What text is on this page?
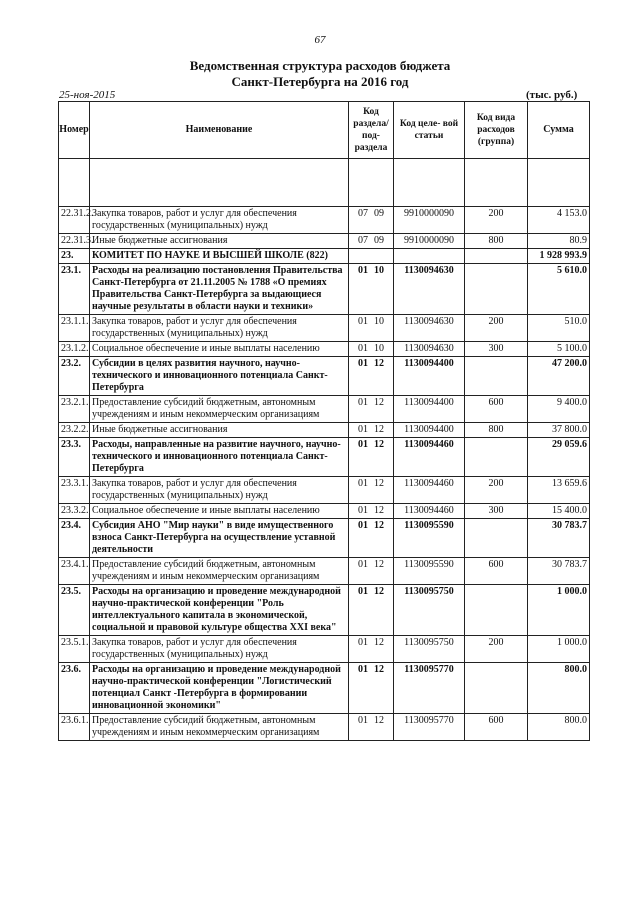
67
Ведомственная структура расходов бюджета
Санкт-Петербурга на 2016 год
25-ноя-2015	(тыс. руб.)
Номер	Наименование	Код раздела/ под- раздела	Код целе- вой статьи	Код вида расходов (группа)	Сумма

22.31.2.	Закупка товаров, работ и услуг для обеспечения государственных (муниципальных) нужд	07 09	9910000090	200	4 153.0
22.31.3.	Иные бюджетные ассигнования	07 09	9910000090	800	80.9
23.	КОМИТЕТ ПО НАУКЕ И ВЫСШЕЙ ШКОЛЕ (822)				1 928 993.9
23.1.	Расходы на реализацию постановления Правительства Санкт-Петербурга от 21.11.2005 № 1788 «О премиях Правительства Санкт-Петербурга за выдающиеся научные результаты в области науки и техники»	01 10	1130094630		5 610.0
23.1.1.	Закупка товаров, работ и услуг для обеспечения государственных (муниципальных) нужд	01 10	1130094630	200	510.0
23.1.2.	Социальное обеспечение и иные выплаты населению	01 10	1130094630	300	5 100.0
23.2.	Субсидии в целях развития научного, научно-технического и инновационного потенциала Санкт-Петербурга	01 12	1130094400		47 200.0
23.2.1.	Предоставление субсидий бюджетным, автономным учреждениям и иным некоммерческим организациям	01 12	1130094400	600	9 400.0
23.2.2.	Иные бюджетные ассигнования	01 12	1130094400	800	37 800.0
23.3.	Расходы, направленные на развитие научного, научно-технического и инновационного потенциала Санкт-Петербурга	01 12	1130094460		29 059.6
23.3.1.	Закупка товаров, работ и услуг для обеспечения государственных (муниципальных) нужд	01 12	1130094460	200	13 659.6
23.3.2.	Социальное обеспечение и иные выплаты населению	01 12	1130094460	300	15 400.0
23.4.	Субсидия АНО "Мир науки" в виде имущественного взноса Санкт-Петербурга на осуществление уставной деятельности	01 12	1130095590		30 783.7
23.4.1.	Предоставление субсидий бюджетным, автономным учреждениям и иным некоммерческим организациям	01 12	1130095590	600	30 783.7
23.5.	Расходы на организацию и проведение международной научно-практической конференции "Роль интеллектуального капитала в экономической, социальной и правовой культуре общества XXI века"	01 12	1130095750		1 000.0
23.5.1.	Закупка товаров, работ и услуг для обеспечения государственных (муниципальных) нужд	01 12	1130095750	200	1 000.0
23.6.	Расходы на организацию и проведение международной научно-практической конференции "Логистический потенциал Санкт -Петербурга в формировании инновационной экономики"	01 12	1130095770		800.0
23.6.1.	Предоставление субсидий бюджетным, автономным учреждениям и иным некоммерческим организациям	01 12	1130095770	600	800.0
